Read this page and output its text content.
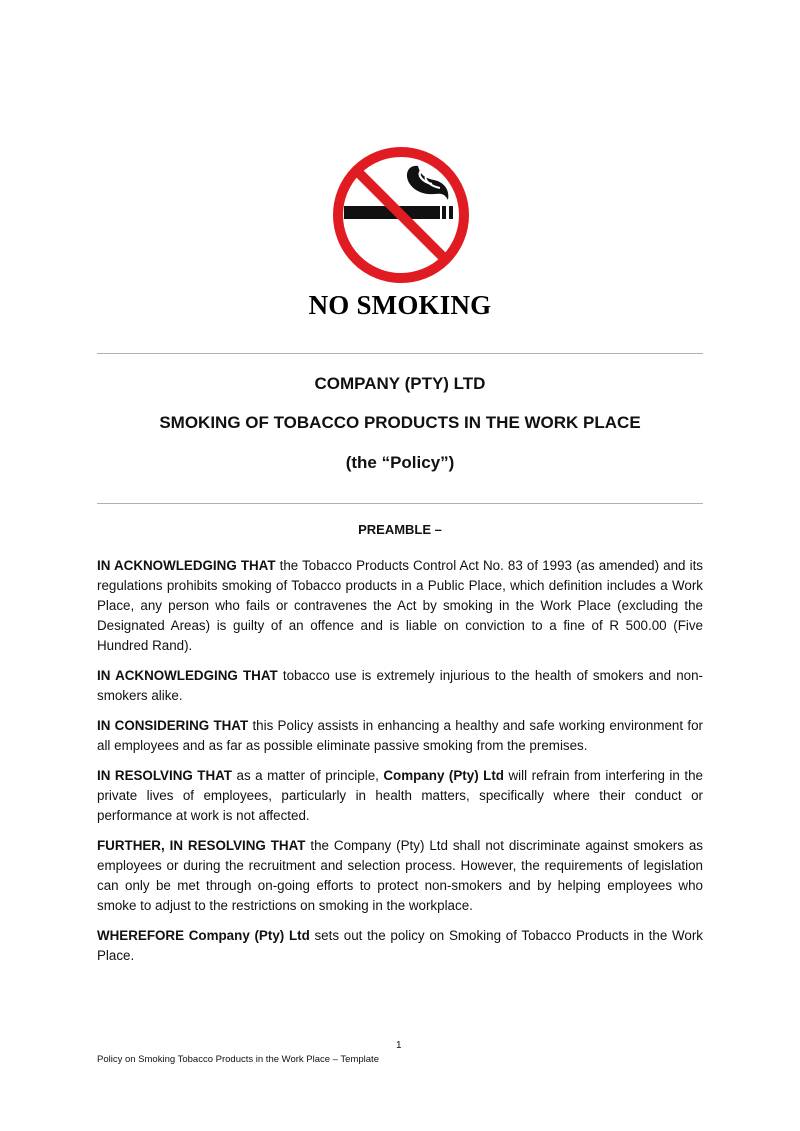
NO SMOKING
COMPANY (PTY) LTD
SMOKING OF TOBACCO PRODUCTS IN THE WORK PLACE
(the “Policy”)
PREAMBLE –

IN ACKNOWLEDGING THAT the Tobacco Products Control Act No. 83 of 1993 (as amended) and its regulations prohibits smoking of Tobacco products in a Public Place, which definition includes a Work Place, any person who fails or contravenes the Act by smoking in the Work Place (excluding the Designated Areas) is guilty of an offence and is liable on conviction to a fine of R 500.00 (Five Hundred Rand).

IN ACKNOWLEDGING THAT tobacco use is extremely injurious to the health of smokers and non-smokers alike.

IN CONSIDERING THAT this Policy assists in enhancing a healthy and safe working environment for all employees and as far as possible eliminate passive smoking from the premises.

IN RESOLVING THAT as a matter of principle, Company (Pty) Ltd will refrain from interfering in the private lives of employees, particularly in health matters, specifically where their conduct or performance at work is not affected.

FURTHER, IN RESOLVING THAT the Company (Pty) Ltd shall not discriminate against smokers as employees or during the recruitment and selection process. However, the requirements of legislation can only be met through on-going efforts to protect non-smokers and by helping employees who smoke to adjust to the restrictions on smoking in the workplace.

WHEREFORE Company (Pty) Ltd sets out the policy on Smoking of Tobacco Products in the Work Place.

1
Policy on Smoking Tobacco Products in the Work Place – Template
